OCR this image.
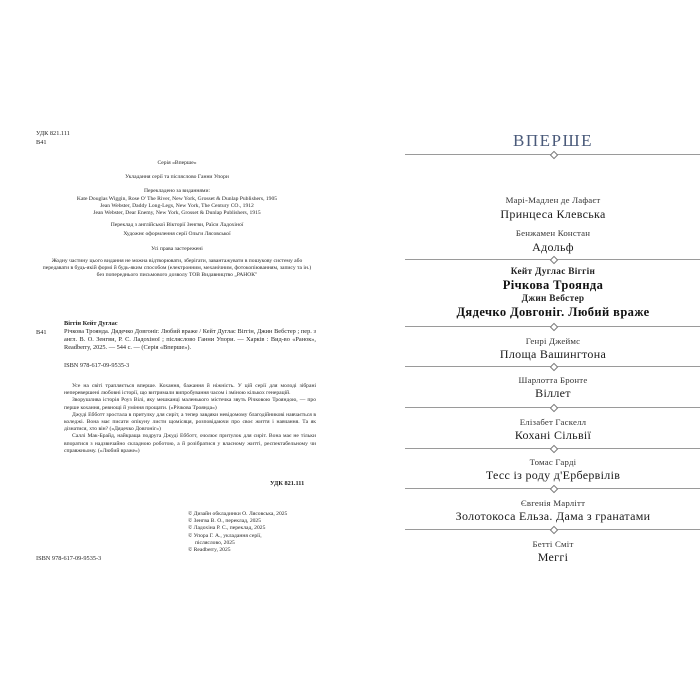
УДК 821.111
В41
Серія «Вперше»
Укладання серії та післяслово Ганни Упори
Перекладено за виданнями:
Kate Douglas Wiggin, Rose O' The River, New York, Grosset & Dunlap Publishers, 1905
Jean Webster, Daddy Long-Legs, New York, The Century CO., 1912
Jean Webster, Dear Enemy, New York, Grosset & Dunlap Publishers, 1915
Переклад з англійської Вікторії Зенгви, Раїси Ладохіної
Художнє оформлення серії Ольги Лясовської
Усі права застережені
Жодну частину цього видання не можна відтворювати, зберігати, завантажувати в пошукову систему або передавати в будь-якій формі й будь-яким способом (електронним, механічним, фотокопіюванням, запису та ін.) без попереднього письмового дозволу ТОВ Видавництво „РАНОК"
В41
Віггін Кейт Дуглас
Річкова Троянда. Дядечко Довгоніг. Любий враже / Кейт Дуглас Віггін, Джин Вебстер ; пер. з англ. В. О. Зенгви, Р. С. Ладохіної ; післяслово Ганни Упори. — Харків : Вид-во «Ранок», Readberry, 2025. — 544 с. — (Серія «Вперше»).
ISBN 978-617-09-9535-3
Усе на світі трапляється вперше. Кохання, бажання й ніжність. У цій серії для молоді зібрані неперевершені любовні історії, що витримали випробування часом і зміною кількох генерацій.
Зворушлива історія Роуз Вілі, яку мешканці маленького містечка звуть Річковою Трояндою, — про перше кохання, ревнощі й уміння прощати. («Річкова Троянда»)
Джуді Ебботт зростала в притулку для сиріт, а тепер завдяки невідомому благодійникові навчається в коледжі. Вона має писати опікуну листи щомісяця, розповідаючи про своє життя і навчання. Та як дізнатися, хто він? («Дядечко Довгоніг»)
Саллі Мак-Брайд, найкраща подруга Джуді Ебботт, очолює притулок для сиріт. Вона має не тільки впоратися з надзвичайно складною роботою, а й розібратися у власному житті, респектабельному чи справжньому. («Любий враже»)
УДК 821.111
© Дизайн обкладинки О. Лясовська, 2025
© Зенгва В. О., переклад, 2025
© Ладохіна Р. С., переклад, 2025
© Упора Г. А., укладання серії,
післяслово, 2025
© Readberry, 2025
ISBN 978-617-09-9535-3
ВПЕРШЕ
Марі-Мадлен де Лафаєт
Принцеса Клевська
Бенжамен Констан
Адольф
Кейт Дуглас Віггін
Річкова Троянда
Джин Вебстер
Дядечко Довгоніг. Любий враже
Генрі Джеймс
Площа Вашингтона
Шарлотта Бронте
Віллет
Елізабет Гаскелл
Кохані Сільвії
Томас Гарді
Тесс із роду д'Ербервілів
Євгенія Марлітт
Золотокоса Ельза. Дама з гранатами
Бетті Сміт
Меггі
